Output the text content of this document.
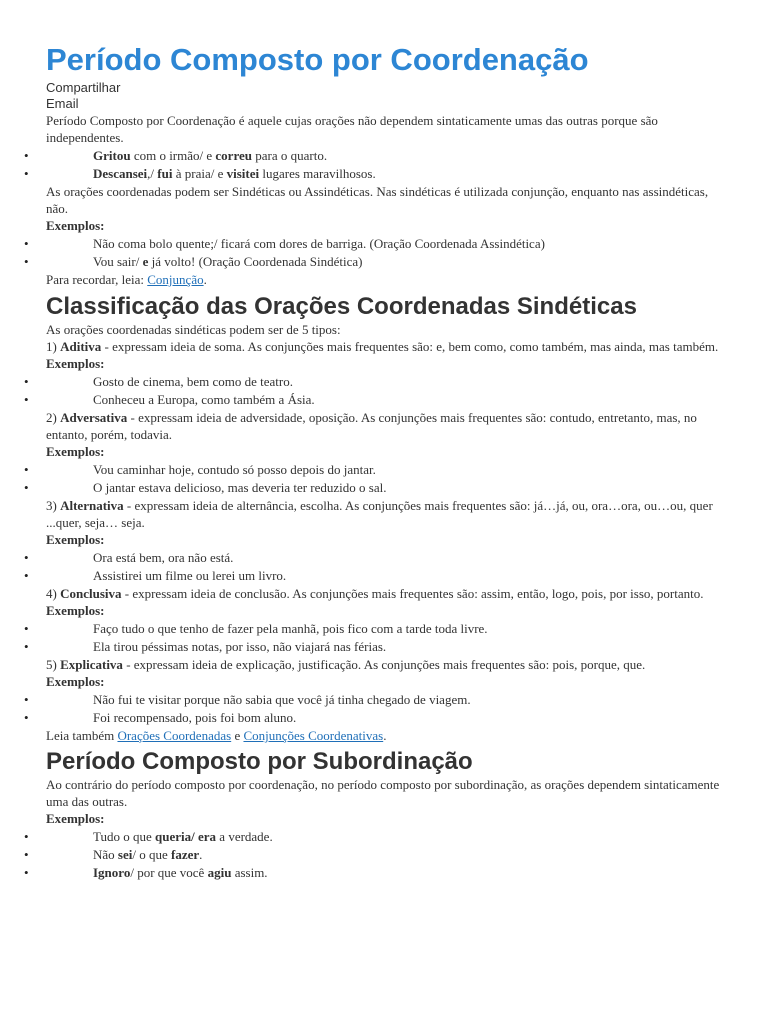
Período Composto por Coordenação
Compartilhar
Email

Período Composto por Coordenação é aquele cujas orações não dependem sintaticamente umas das outras porque são independentes.

•	Gritou com o irmão/ e correu para o quarto.
•	Descansei,/ fui à praia/ e visitei lugares maravilhosos.

As orações coordenadas podem ser Sindéticas ou Assindéticas. Nas sindéticas é utilizada conjunção, enquanto nas assindéticas, não.

Exemplos:

•	Não coma bolo quente;/ ficará com dores de barriga. (Oração Coordenada Assindética)
•	Vou sair/ e já volto! (Oração Coordenada Sindética)

Para recordar, leia: Conjunção.

Classificação das Orações Coordenadas Sindéticas

As orações coordenadas sindéticas podem ser de 5 tipos:

1) Aditiva - expressam ideia de soma. As conjunções mais frequentes são: e, bem como, como também, mas ainda, mas também.

Exemplos:

•	Gosto de cinema, bem como de teatro.
•	Conheceu a Europa, como também a Ásia.

2) Adversativa - expressam ideia de adversidade, oposição. As conjunções mais frequentes são: contudo, entretanto, mas, no entanto, porém, todavia.

Exemplos:

•	Vou caminhar hoje, contudo só posso depois do jantar.
•	O jantar estava delicioso, mas deveria ter reduzido o sal.

3) Alternativa - expressam ideia de alternância, escolha. As conjunções mais frequentes são: já…já, ou, ora…ora, ou…ou, quer ...quer, seja… seja.

Exemplos:

•	Ora está bem, ora não está.
•	Assistirei um filme ou lerei um livro.

4) Conclusiva - expressam ideia de conclusão. As conjunções mais frequentes são: assim, então, logo, pois, por isso, portanto.

Exemplos:

•	Faço tudo o que tenho de fazer pela manhã, pois fico com a tarde toda livre.
•	Ela tirou péssimas notas, por isso, não viajará nas férias.

5) Explicativa - expressam ideia de explicação, justificação. As conjunções mais frequentes são: pois, porque, que.

Exemplos:

•	Não fui te visitar porque não sabia que você já tinha chegado de viagem.
•	Foi recompensado, pois foi bom aluno.

Leia também Orações Coordenadas e Conjunções Coordenativas.

Período Composto por Subordinação

Ao contrário do período composto por coordenação, no período composto por subordinação, as orações dependem sintaticamente uma das outras.

Exemplos:

•	Tudo o que queria/ era a verdade.
•	Não sei/ o que fazer.
•	Ignoro/ por que você agiu assim.
